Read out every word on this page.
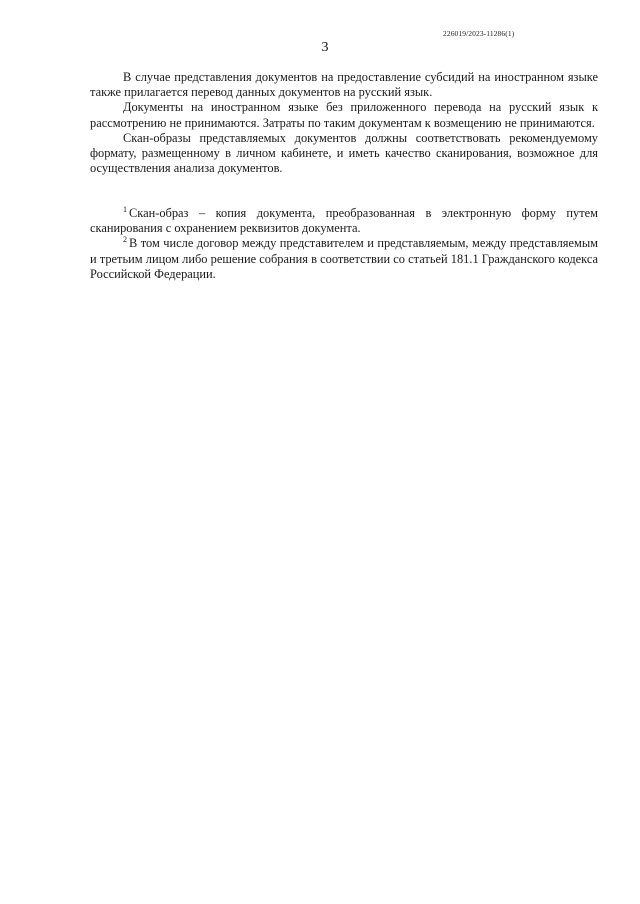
226019/2023-11286(1)
3

В случае представления документов на предоставление субсидий на иностранном языке также прилагается перевод данных документов на русский язык.

Документы на иностранном языке без приложенного перевода на русский язык к рассмотрению не принимаются. Затраты по таким документам к возмещению не принимаются.

Скан-образы представляемых документов должны соответствовать рекомендуемому формату, размещенному в личном кабинете, и иметь качество сканирования, возможное для осуществления анализа документов.

$^1$ Скан-образ – копия документа, преобразованная в электронную форму путем сканирования с охранением реквизитов документа.

$^2$ В том числе договор между представителем и представляемым, между представляемым и третьим лицом либо решение собрания в соответствии со статьей 181.1 Гражданского кодекса Российской Федерации.
